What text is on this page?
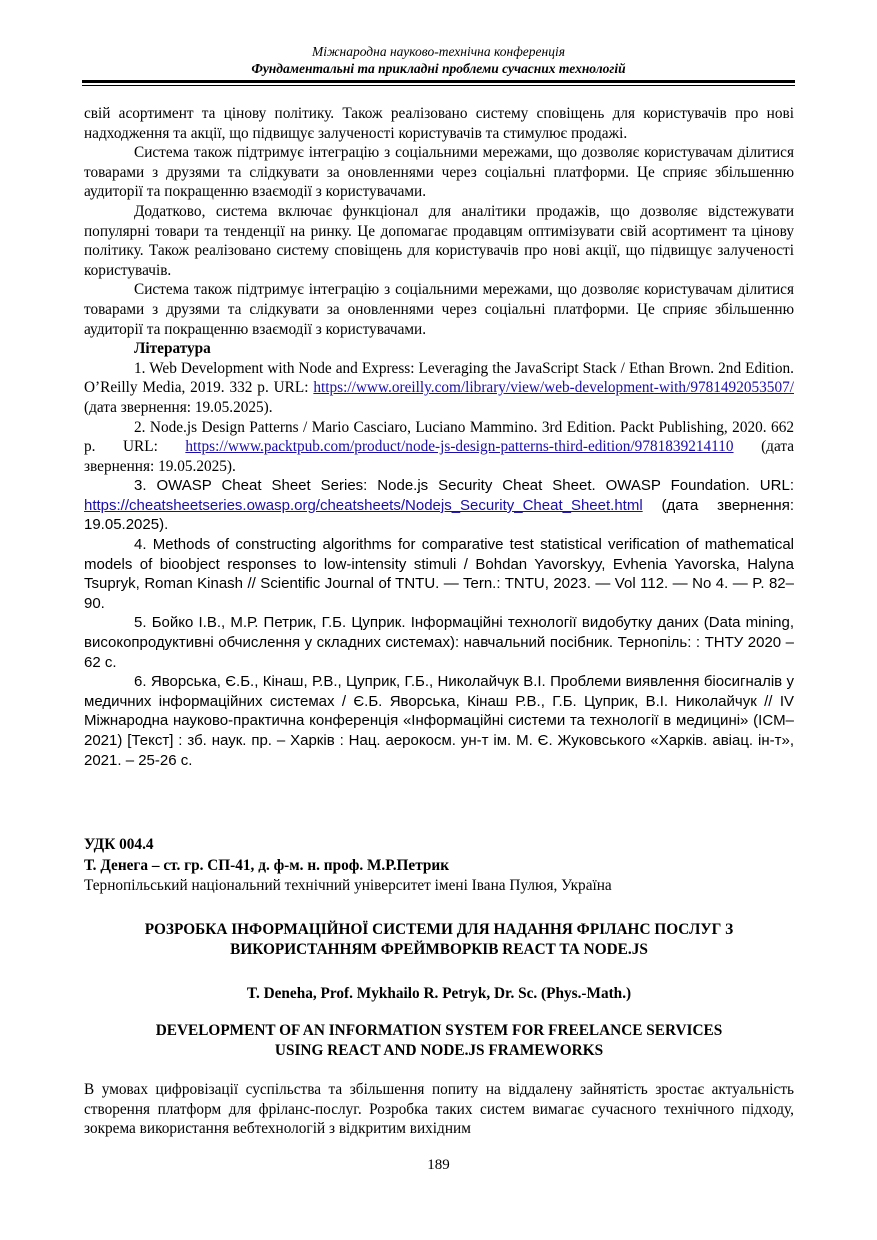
Міжнародна науково-технічна конференція
Фундаментальні та прикладні проблеми сучасних технологій

свій асортимент та цінову політику. Також реалізовано систему сповіщень для користувачів про нові надходження та акції, що підвищує залученості користувачів та стимулює продажі.

Система також підтримує інтеграцію з соціальними мережами, що дозволяє користувачам ділитися товарами з друзями та слідкувати за оновленнями через соціальні платформи. Це сприяє збільшенню аудиторії та покращенню взаємодії з користувачами.

Додатково, система включає функціонал для аналітики продажів, що дозволяє відстежувати популярні товари та тенденції на ринку. Це допомагає продавцям оптимізувати свій асортимент та цінову політику. Також реалізовано систему сповіщень для користувачів про нові акції, що підвищує залученості користувачів.

Система також підтримує інтеграцію з соціальними мережами, що дозволяє користувачам ділитися товарами з друзями та слідкувати за оновленнями через соціальні платформи. Це сприяє збільшенню аудиторії та покращенню взаємодії з користувачами.

Література

1. Web Development with Node and Express: Leveraging the JavaScript Stack / Ethan Brown. 2nd Edition. O’Reilly Media, 2019. 332 p. URL: https://www.oreilly.com/library/view/web-development-with/9781492053507/ (дата звернення: 19.05.2025).

2. Node.js Design Patterns / Mario Casciaro, Luciano Mammino. 3rd Edition. Packt Publishing, 2020. 662 p. URL: https://www.packtpub.com/product/node-js-design-patterns-third-edition/9781839214110 (дата звернення: 19.05.2025).

3. OWASP Cheat Sheet Series: Node.js Security Cheat Sheet. OWASP Foundation. URL: https://cheatsheetseries.owasp.org/cheatsheets/Nodejs_Security_Cheat_Sheet.html (дата звернення: 19.05.2025).

4. Methods of constructing algorithms for comparative test statistical verification of mathematical models of bioobject responses to low-intensity stimuli / Bohdan Yavorskyy, Evhenia Yavorska, Halyna Tsupryk, Roman Kinash // Scientific Journal of TNTU. — Tern.: TNTU, 2023. — Vol 112. — No 4. — P. 82–90.

5. Бойко І.В., М.Р. Петрик, Г.Б. Цуприк. Інформаційні технології видобутку даних (Data mining, високопродуктивні обчислення у складних системах): навчальний посібник. Тернопіль: : ТНТУ 2020 – 62 с.

6. Яворська, Є.Б., Кінаш, Р.В., Цуприк, Г.Б., Николайчук В.І. Проблеми виявлення біосигналів у медичних інформаційних системах / Є.Б. Яворська, Кінаш Р.В., Г.Б. Цуприк, В.І. Николайчук // IV Міжнародна науково-практична конференція «Інформаційні системи та технології в медицині» (ICM–2021) [Текст] : зб. наук. пр. – Харків : Нац. аерокосм. ун-т ім. М. Є. Жуковського «Харків. авіац. ін-т», 2021. – 25-26 с.

УДК 004.4
Т. Денега – ст. гр. СП-41, д. ф-м. н. проф. М.Р.Петрик
Тернопільський національний технічний університет імені Івана Пулюя, Україна
РОЗРОБКА ІНФОРМАЦІЙНОЇ СИСТЕМИ ДЛЯ НАДАННЯ ФРІЛАНС ПОСЛУГ З
ВИКОРИСТАННЯМ ФРЕЙМВОРКІВ REACT ТА NODE.JS
T. Deneha, Prof. Mykhailo R. Petryk, Dr. Sc. (Phys.-Math.)
DEVELOPMENT OF AN INFORMATION SYSTEM FOR FREELANCE SERVICES
USING REACT AND NODE.JS FRAMEWORKS

В умовах цифровізації суспільства та збільшення попиту на віддалену зайнятість зростає актуальність створення платформ для фріланс-послуг. Розробка таких систем вимагає сучасного технічного підходу, зокрема використання вебтехнологій з відкритим вихідним

189
